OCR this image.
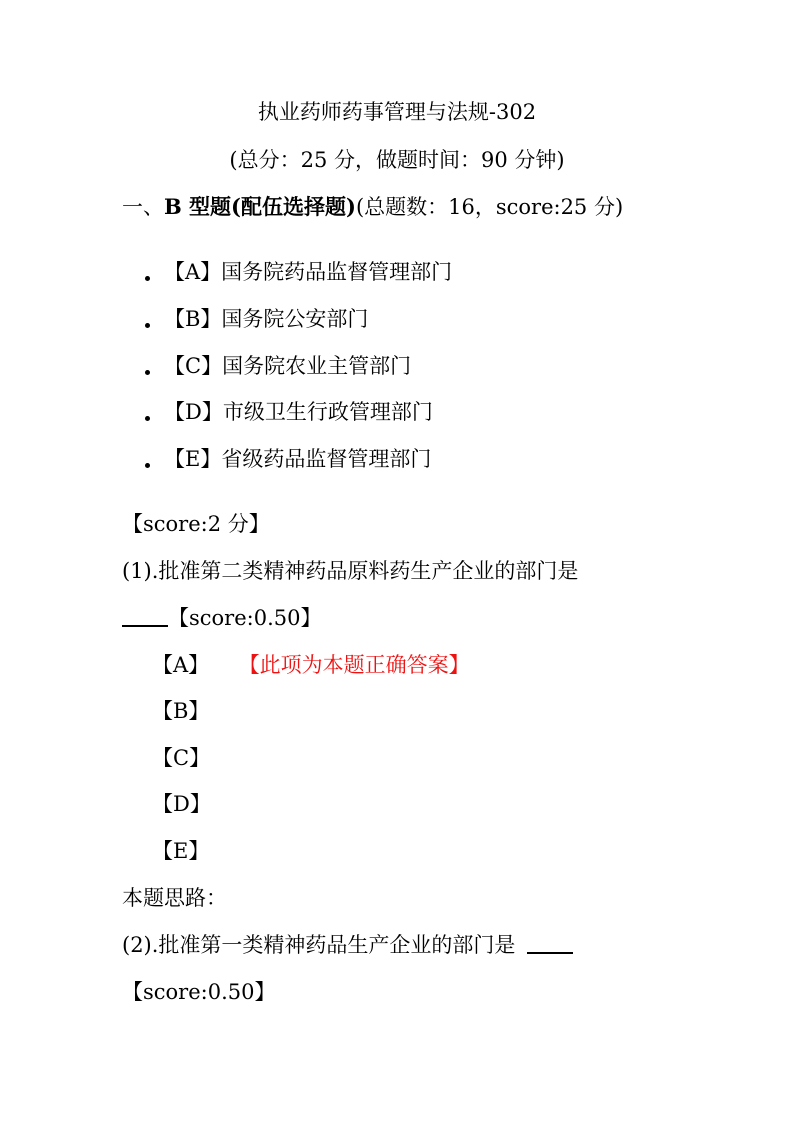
执业药师药事管理与法规-302
(总分：25 分，做题时间：90 分钟)
一、B 型题(配伍选择题)(总题数：16，score:25 分)
【A】国务院药品监督管理部门
【B】国务院公安部门
【C】国务院农业主管部门
【D】市级卫生行政管理部门
【E】省级药品监督管理部门
【score:2 分】
(1).批准第二类精神药品原料药生产企业的部门是
【score:0.50】
【A】 【此项为本题正确答案】
【B】
【C】
【D】
【E】
本题思路：
(2).批准第一类精神药品生产企业的部门是
【score:0.50】
